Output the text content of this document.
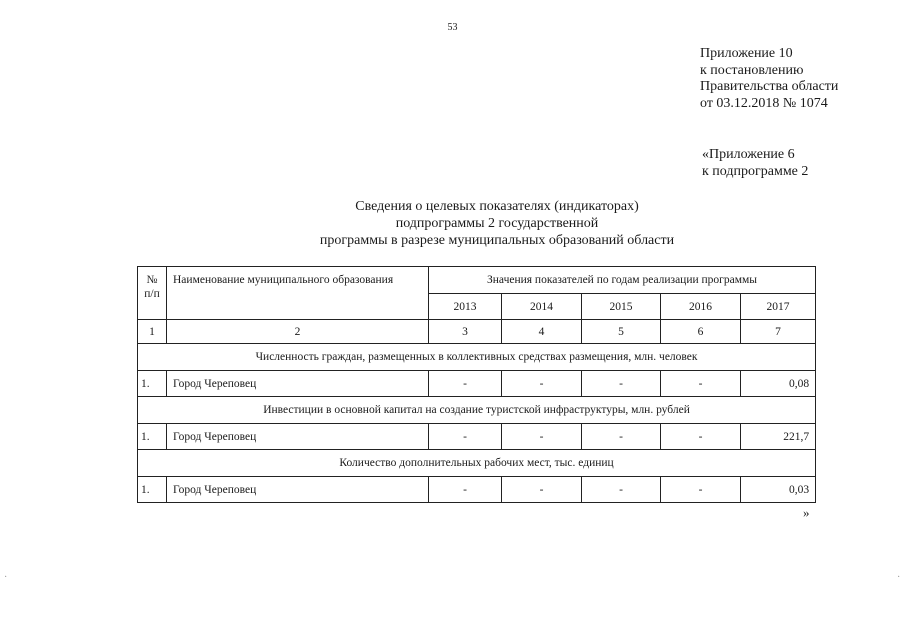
53
Приложение 10
к постановлению
Правительства области
от 03.12.2018 № 1074
«Приложение 6
к подпрограмме 2
Сведения о целевых показателях (индикаторах)
подпрограммы 2 государственной
программы в разрезе муниципальных образований области
№
п/п	Наименование муниципального образования	Значения показателей по годам реализации программы				
		2013	2014	2015	2016	2017
1	2	3	4	5	6	7
Численность граждан, размещенных в коллективных средствах размещения, млн. человек						
1.	Город Череповец	-	-	-	-	0,08
Инвестиции в основной капитал на создание туристской инфраструктуры, млн. рублей						
1.	Город Череповец	-	-	-	-	221,7
Количество дополнительных рабочих мест, тыс. единиц						
1.	Город Череповец	-	-	-	-	0,03
»
·	·
